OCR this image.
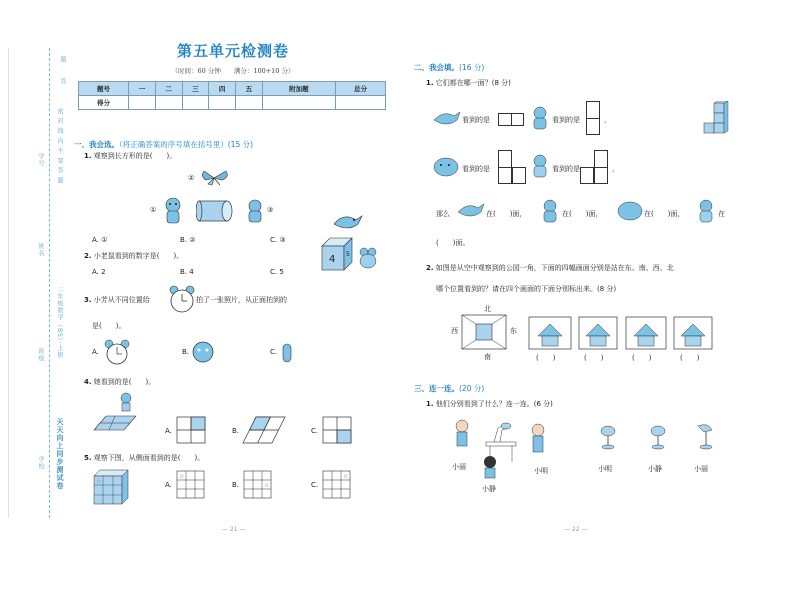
密 封 线 内 不 要 答 题
题
答
学号
姓名
班级
学校
二年级数学（BS）·上册
天天向上同步测试卷
第五单元检测卷
（时间：60 分钟　　满分：100+10 分）
题号	一	二	三	四	五	附加题	总分
得分							
一、我会选。（将正确答案的序号填在括号里）(15 分)
1. 观察到长方形的是(　　)。
②
①	③
A. ①	B. ②	C. ③
2. 小老鼠看到的数字是(　　)。	4 5
A. 2	B. 4	C. 5
3. 小芳从不同位置给	拍了一张照片，从正面拍到的
是(　　)。
A.	B.	C.
4. 她看到的是(　　)。
A.	B.	C.
5. 观察下图，从侧面看到的是(　　)。
☆	A.
☆
B.	☆	C.
☆
— 21 —
二、我会填。(16 分)
1. 它们都在哪一面？(8 分)
看到的是	看到的是	，
看到的是	看到的是	，
那么	在(　　)面，	在(　　)面，	在(　　)面，	在
(　　)面。
2. 如图是从空中观察到的公园一角，下面的四幅画面分别是站在东、南、西、北
哪个位置看到的？请在四个画面的下面分别标出来。(8 分)
北
西	东
南	(　　)	(　　)	(　　)	(　　)
三、连一连。(20 分)
1. 他们分别看到了什么？连一连。(6 分)
小丽	小明
小静
小明	小静	小丽
— 22 —
